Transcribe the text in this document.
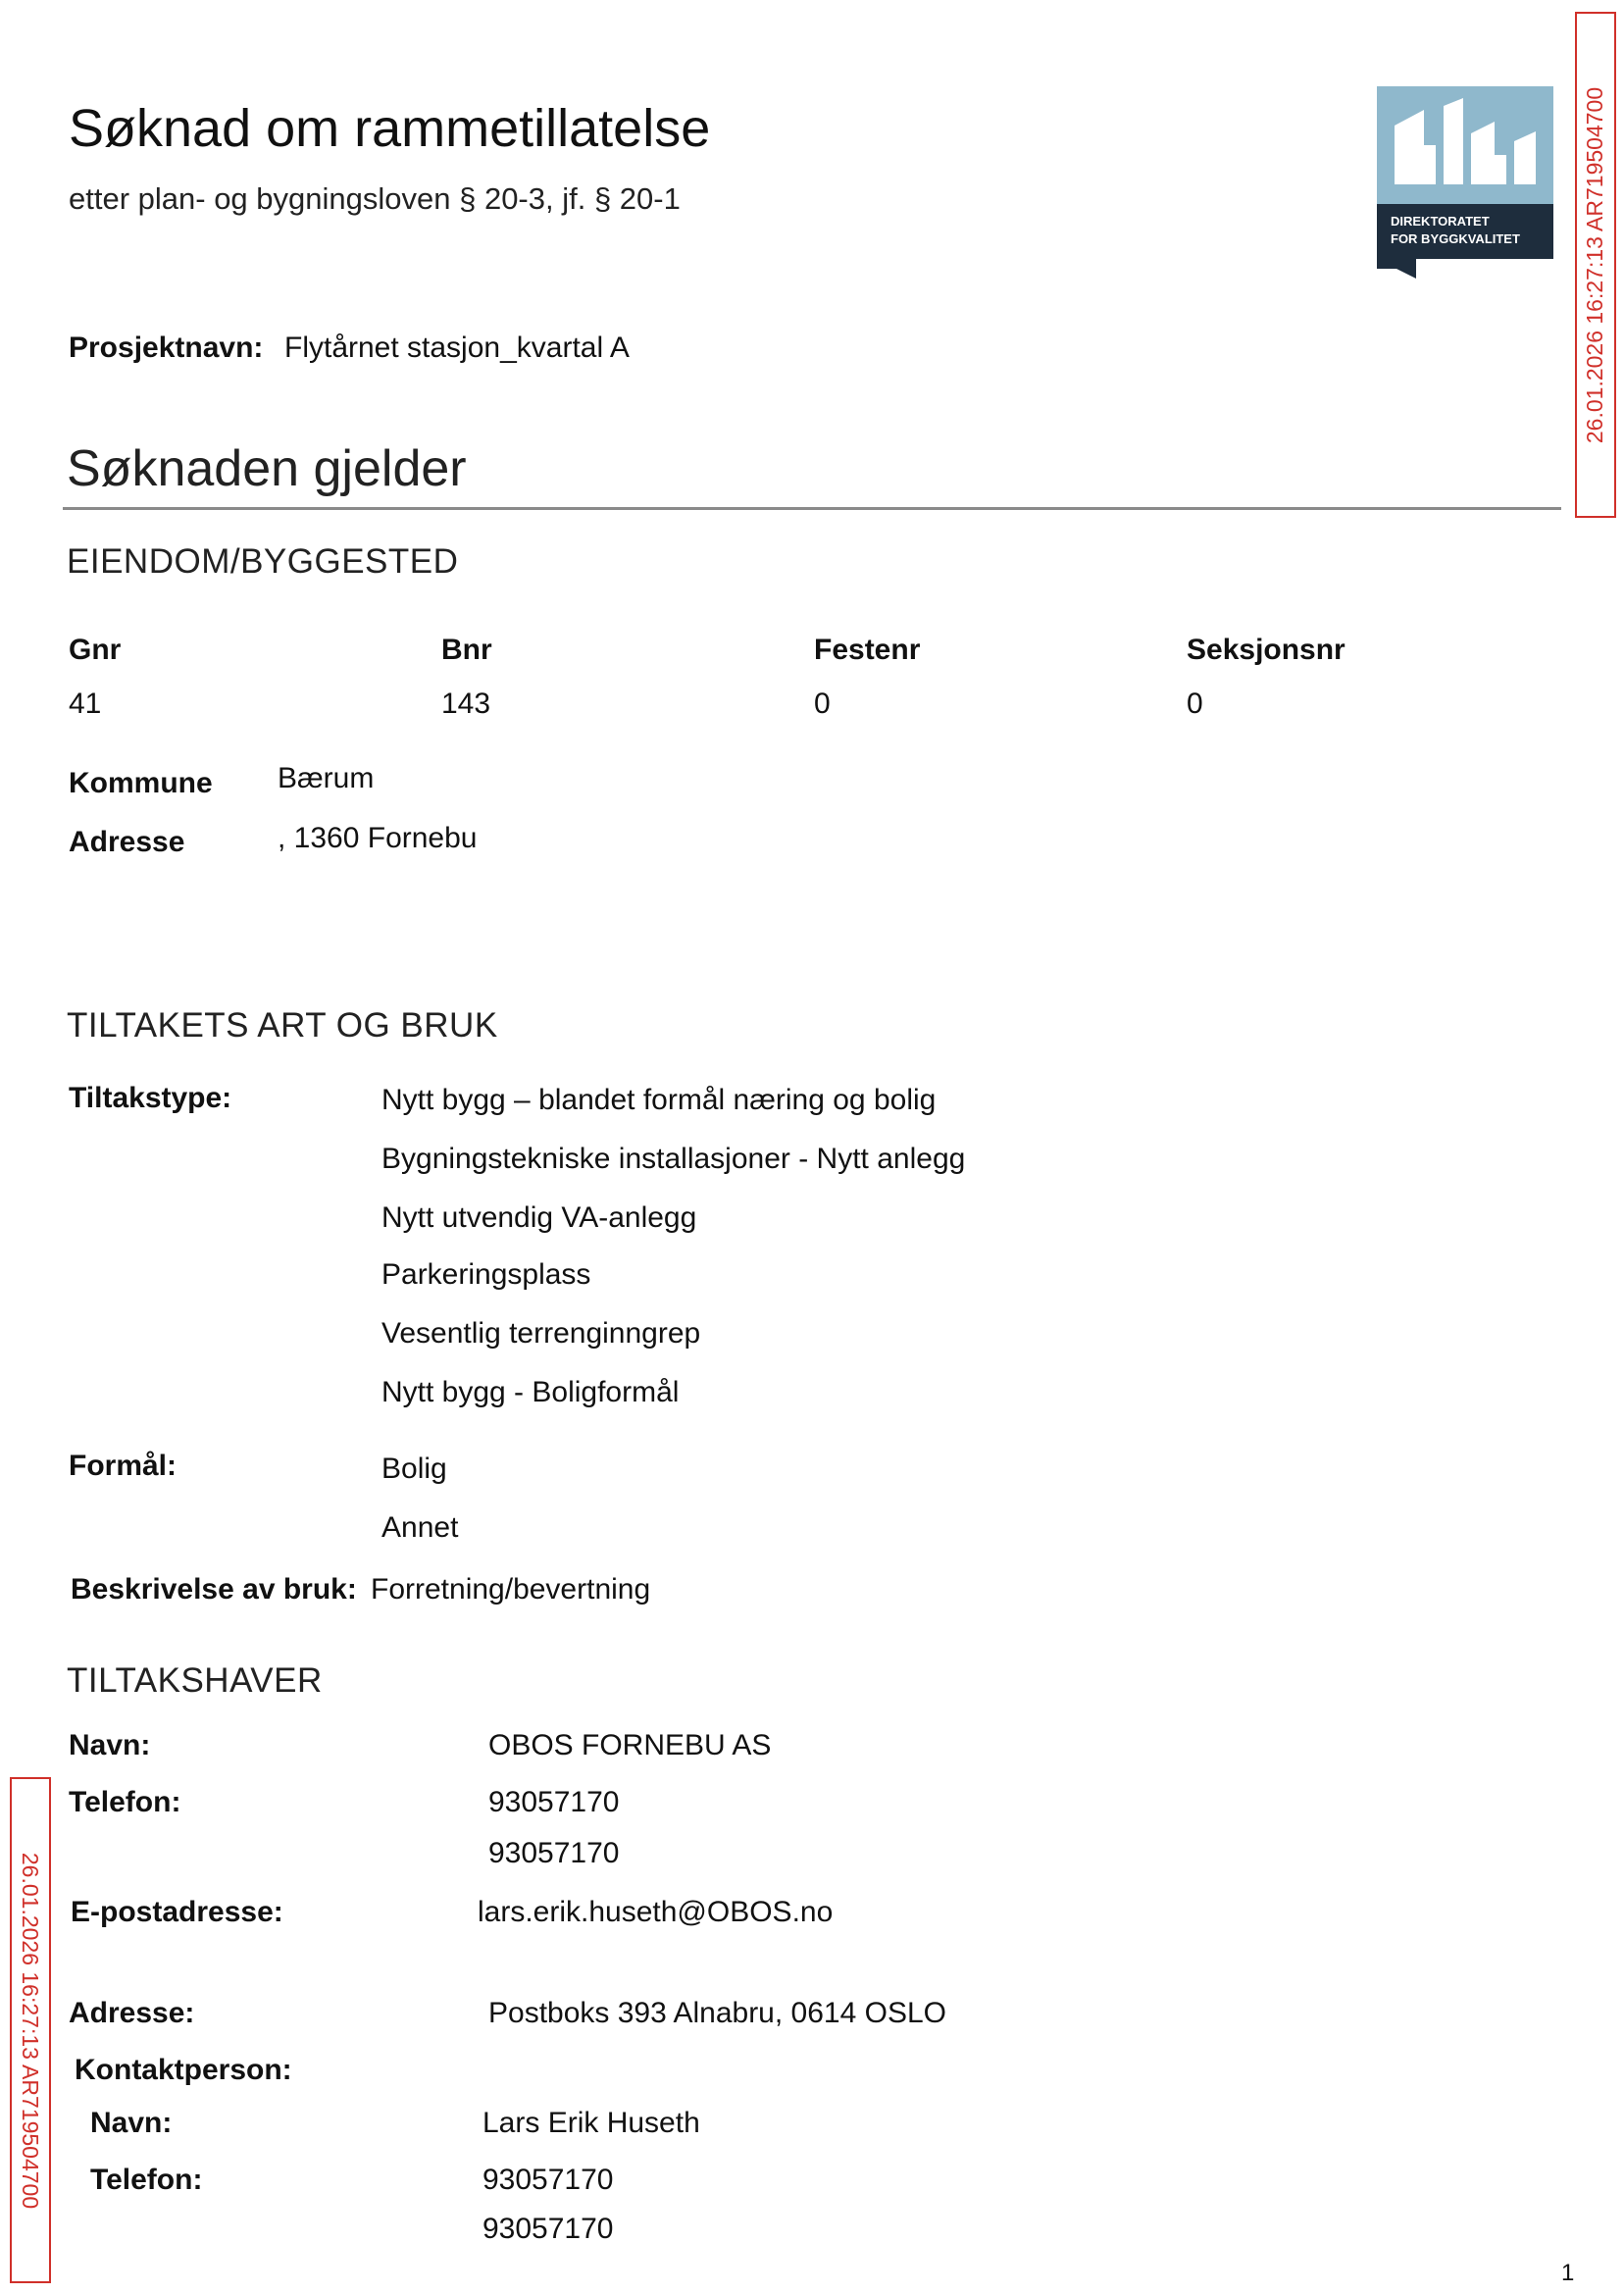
Søknad om rammetillatelse
etter plan- og bygningsloven § 20-3, jf. § 20-1
Prosjektnavn: Flytårnet stasjon_kvartal A
DIREKTORATET
FOR BYGGKVALITET	26.01.2026 16:27:13 AR719504700
26.01.2026 16:27:13 AR719504700
Søknaden gjelder
EIENDOM/BYGGESTED
Gnr	Bnr	Festenr	Seksjonsnr
41	143	0	0
Kommune Bærum
Adresse	, 1360 Fornebu
TILTAKETS ART OG BRUK
Tiltakstype:	Nytt bygg – blandet formål næring og bolig
Bygningstekniske installasjoner - Nytt anlegg
Nytt utvendig VA-anlegg
Parkeringsplass
Vesentlig terrenginngrep
Nytt bygg - Boligformål
Formål:	Bolig
Annet
Beskrivelse av bruk: Forretning/bevertning
TILTAKSHAVER
Navn:	OBOS FORNEBU AS
Telefon:	93057170
93057170
E-postadresse:	lars.erik.huseth@OBOS.no
Adresse:	Postboks 393 Alnabru, 0614 OSLO
Kontaktperson:
Navn:	Lars Erik Huseth
Telefon:	93057170
93057170
1
